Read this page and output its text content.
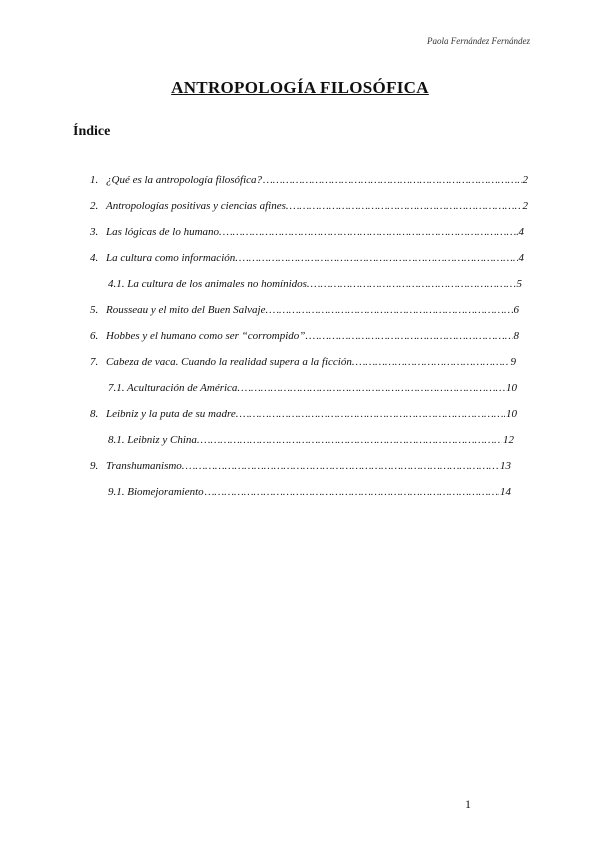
Paola Fernández Fernández
ANTROPOLOGÍA FILOSÓFICA
Índice
1. ¿Qué es la antropología filosófica? …………………………………………………………………………………………………………………………………………	2
2. Antropologías positivas y ciencias afines. …………………………………………………………………………………………………………………………………………	2
3. Las lógicas de lo humano. …………………………………………………………………………………………………………………………………………	4
4. La cultura como información. …………………………………………………………………………………………………………………………………………	4
4.1. La cultura de los animales no homínidos. …………………………………………………………………………………………………………………………………………	5
5. Rousseau y el mito del Buen Salvaje. …………………………………………………………………………………………………………………………………………	6
6. Hobbes y el humano como ser “corrompido”. …………………………………………………………………………………………………………………………………………	8
7. Cabeza de vaca. Cuando la realidad supera a la ficción. …………………………………………………………………………………………………………………………………………	9
7.1. Aculturación de América. …………………………………………………………………………………………………………………………………………	10
8. Leibniz y la puta de su madre. …………………………………………………………………………………………………………………………………………	10
8.1. Leibniz y China. …………………………………………………………………………………………………………………………………………	12
9. Transhumanismo. …………………………………………………………………………………………………………………………………………	13
9.1. Biomejoramiento …………………………………………………………………………………………………………………………………………	14
1
